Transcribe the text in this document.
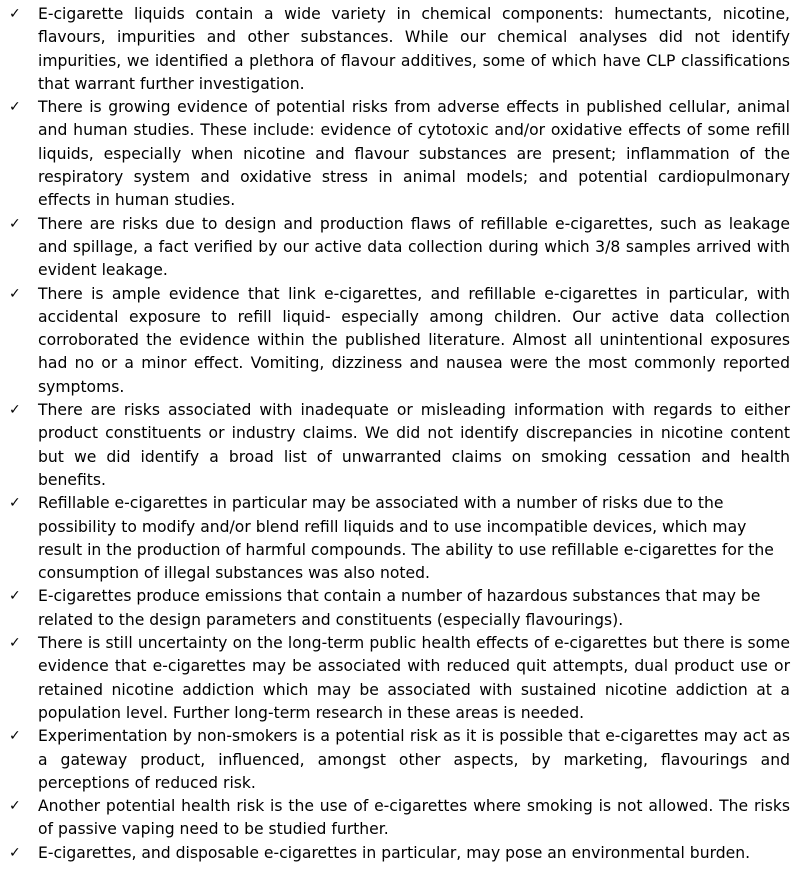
✓ E-cigarette liquids contain a wide variety in chemical components: humectants, nicotine, flavours, impurities and other substances. While our chemical analyses did not identify impurities, we identified a plethora of flavour additives, some of which have CLP classifications that warrant further investigation.
✓ There is growing evidence of potential risks from adverse effects in published cellular, animal and human studies. These include: evidence of cytotoxic and/or oxidative effects of some refill liquids, especially when nicotine and flavour substances are present; inflammation of the respiratory system and oxidative stress in animal models; and potential cardiopulmonary effects in human studies.
✓ There are risks due to design and production flaws of refillable e-cigarettes, such as leakage and spillage, a fact verified by our active data collection during which 3/8 samples arrived with evident leakage.
✓ There is ample evidence that link e-cigarettes, and refillable e-cigarettes in particular, with accidental exposure to refill liquid- especially among children. Our active data collection corroborated the evidence within the published literature. Almost all unintentional exposures had no or a minor effect. Vomiting, dizziness and nausea were the most commonly reported symptoms.
✓ There are risks associated with inadequate or misleading information with regards to either product constituents or industry claims. We did not identify discrepancies in nicotine content but we did identify a broad list of unwarranted claims on smoking cessation and health benefits.
✓ Refillable e-cigarettes in particular may be associated with a number of risks due to the possibility to modify and/or blend refill liquids and to use incompatible devices, which may result in the production of harmful compounds. The ability to use refillable e-cigarettes for the consumption of illegal substances was also noted.
✓ E-cigarettes produce emissions that contain a number of hazardous substances that may be related to the design parameters and constituents (especially flavourings).
✓ There is still uncertainty on the long-term public health effects of e-cigarettes but there is some evidence that e-cigarettes may be associated with reduced quit attempts, dual product use or retained nicotine addiction which may be associated with sustained nicotine addiction at a population level. Further long-term research in these areas is needed.
✓ Experimentation by non-smokers is a potential risk as it is possible that e-cigarettes may act as a gateway product, influenced, amongst other aspects, by marketing, flavourings and perceptions of reduced risk.
✓ Another potential health risk is the use of e-cigarettes where smoking is not allowed. The risks of passive vaping need to be studied further.
✓ E-cigarettes, and disposable e-cigarettes in particular, may pose an environmental burden.
